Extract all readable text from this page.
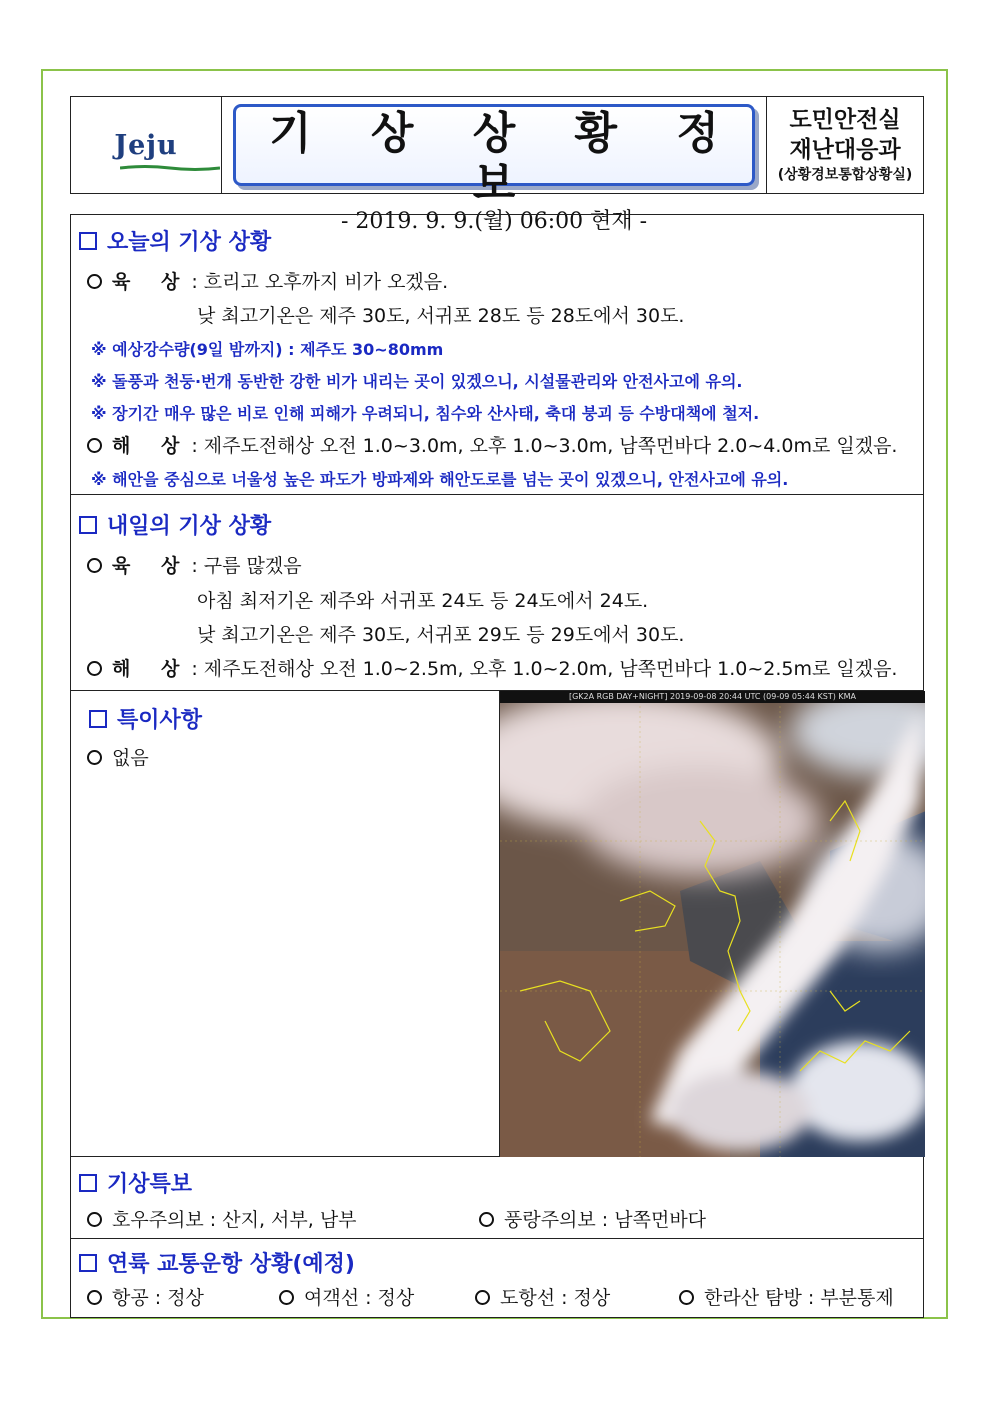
Jeju	기 상 상 황 정 보
- 2019. 9. 9.(월) 06:00 현재 -
도민안전실
재난대응과
(상황경보통합상황실)
오늘의 기상 상황
육 상: 흐리고 오후까지 비가 오겠음.
낮 최고기온은 제주 30도, 서귀포 28도 등 28도에서 30도.
※ 예상강수량(9일 밤까지) : 제주도 30~80mm
※ 돌풍과 천둥·번개 동반한 강한 비가 내리는 곳이 있겠으니, 시설물관리와 안전사고에 유의.
※ 장기간 매우 많은 비로 인해 피해가 우려되니, 침수와 산사태, 축대 붕괴 등 수방대책에 철저.
해 상: 제주도전해상 오전 1.0~3.0m, 오후 1.0~3.0m, 남쪽먼바다 2.0~4.0m로 일겠음.
※ 해안을 중심으로 너울성 높은 파도가 방파제와 해안도로를 넘는 곳이 있겠으니, 안전사고에 유의.
내일의 기상 상황
육 상: 구름 많겠음
아침 최저기온 제주와 서귀포 24도 등 24도에서 24도.
낮 최고기온은 제주 30도, 서귀포 29도 등 29도에서 30도.
해 상: 제주도전해상 오전 1.0~2.5m, 오후 1.0~2.0m, 남쪽먼바다 1.0~2.5m로 일겠음.
특이사항
없음
[GK2A RGB DAY+NIGHT] 2019-09-08 20:44 UTC (09-09 05:44 KST) KMA
기상특보
호우주의보 : 산지, 서부, 남부	풍랑주의보 : 남쪽먼바다
연륙 교통운항 상황(예정)
항공 : 정상	여객선 : 정상	도항선 : 정상	한라산 탐방 : 부분통제
